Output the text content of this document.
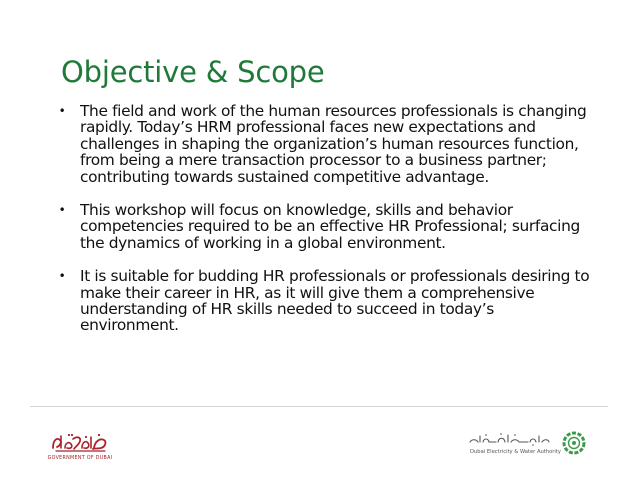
Objective & Scope
• The field and work of the human resources professionals is changing rapidly. Today’s HRM professional faces new expectations and challenges in shaping the organization’s human resources function, from being a mere transaction processor to a business partner; contributing towards sustained competitive advantage.
• This workshop will focus on knowledge, skills and behavior competencies required to be an effective HR Professional; surfacing the dynamics of working in a global environment.
• It is suitable for budding HR professionals or professionals desiring to make their career in HR, as it will give them a comprehensive understanding of HR skills needed to succeed in today’s environment.
GOVERNMENT OF DUBAI
Dubai Electricity & Water Authority
